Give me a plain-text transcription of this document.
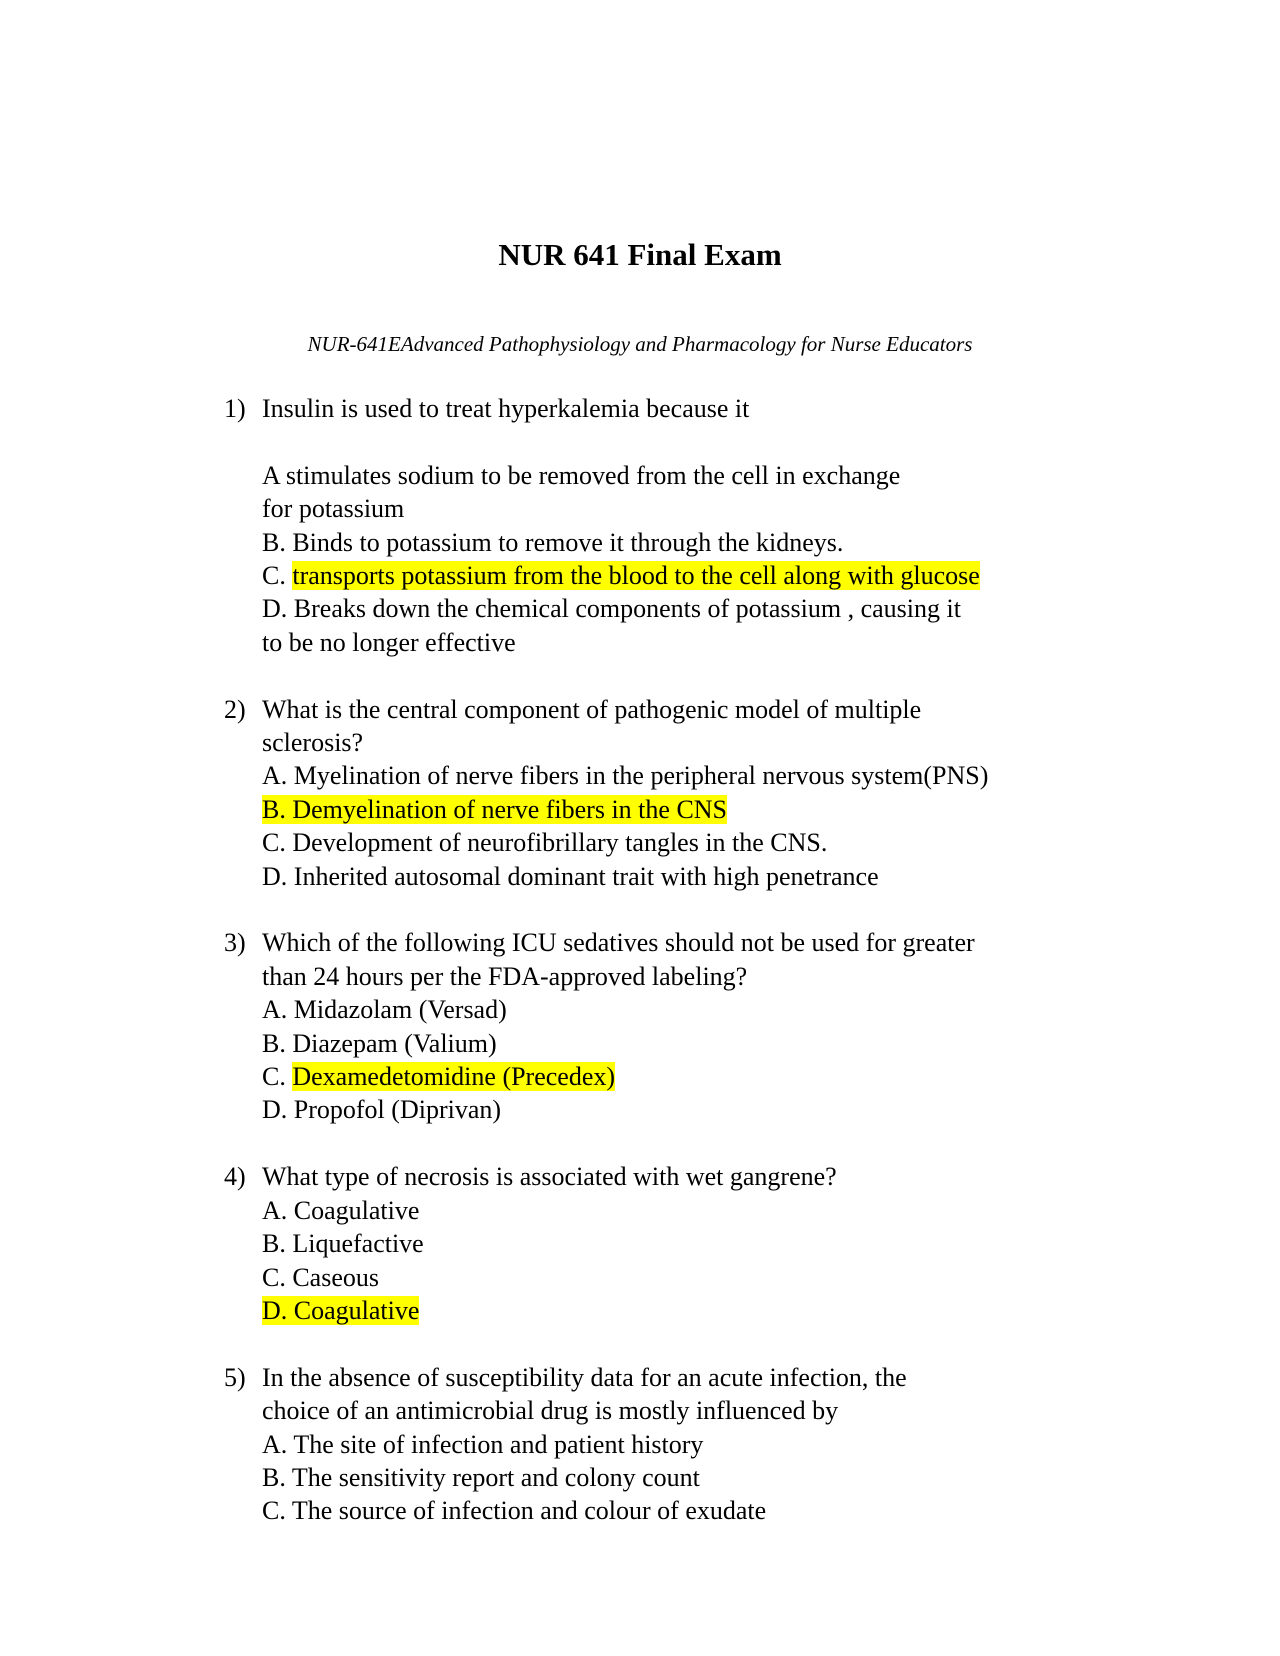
NUR 641 Final Exam

NUR-641EAdvanced Pathophysiology and Pharmacology for Nurse Educators

1) Insulin is used to treat hyperkalemia because it
A stimulates sodium to be removed from the cell in exchange
for potassium
B. Binds to potassium to remove it through the kidneys.
C. transports potassium from the blood to the cell along with glucose
D. Breaks down the chemical components of potassium , causing it
to be no longer effective
2) What is the central component of pathogenic model of multiple
sclerosis?
A. Myelination of nerve fibers in the peripheral nervous system(PNS)
B. Demyelination of nerve fibers in the CNS
C. Development of neurofibrillary tangles in the CNS.
D. Inherited autosomal dominant trait with high penetrance
3) Which of the following ICU sedatives should not be used for greater
than 24 hours per the FDA-approved labeling?
A. Midazolam (Versad)
B. Diazepam (Valium)
C. Dexamedetomidine (Precedex)
D. Propofol (Diprivan)
4) What type of necrosis is associated with wet gangrene?
A. Coagulative
B. Liquefactive
C. Caseous
D. Coagulative
5) In the absence of susceptibility data for an acute infection, the
choice of an antimicrobial drug is mostly influenced by
A. The site of infection and patient history
B. The sensitivity report and colony count
C. The source of infection and colour of exudate
